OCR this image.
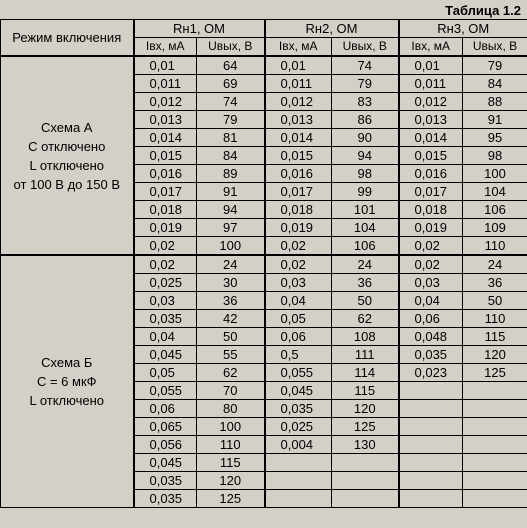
Таблица 1.2
Режим включения	Rн1, ОМ		Rн2, ОМ		Rн3, ОМ	
	Iвх, мА	Uвых, В	Iвх, мА	Uвых, В	Iвх, мА	Uвых, В

Схема А
С отключено
L отключено
от 100 В до 150 В	0,01	64	0,01	74	0,01	79
	0,011	69	0,011	79	0,011	84
	0,012	74	0,012	83	0,012	88
	0,013	79	0,013	86	0,013	91
	0,014	81	0,014	90	0,014	95
	0,015	84	0,015	94	0,015	98
	0,016	89	0,016	98	0,016	100
	0,017	91	0,017	99	0,017	104
	0,018	94	0,018	101	0,018	106
	0,019	97	0,019	104	0,019	109
	0,02	100	0,02	106	0,02	110

Схема Б
С = 6 мкФ
L отключено	0,02	24	0,02	24	0,02	24
	0,025	30	0,03	36	0,03	36
	0,03	36	0,04	50	0,04	50
	0,035	42	0,05	62	0,06	110
	0,04	50	0,06	108	0,048	115
	0,045	55	0,5	111	0,035	120
	0,05	62	0,055	114	0,023	125
	0,055	70	0,045	115		
	0,06	80	0,035	120		
	0,065	100	0,025	125		
	0,056	110	0,004	130		
	0,045	115				
	0,035	120				
	0,035	125				
